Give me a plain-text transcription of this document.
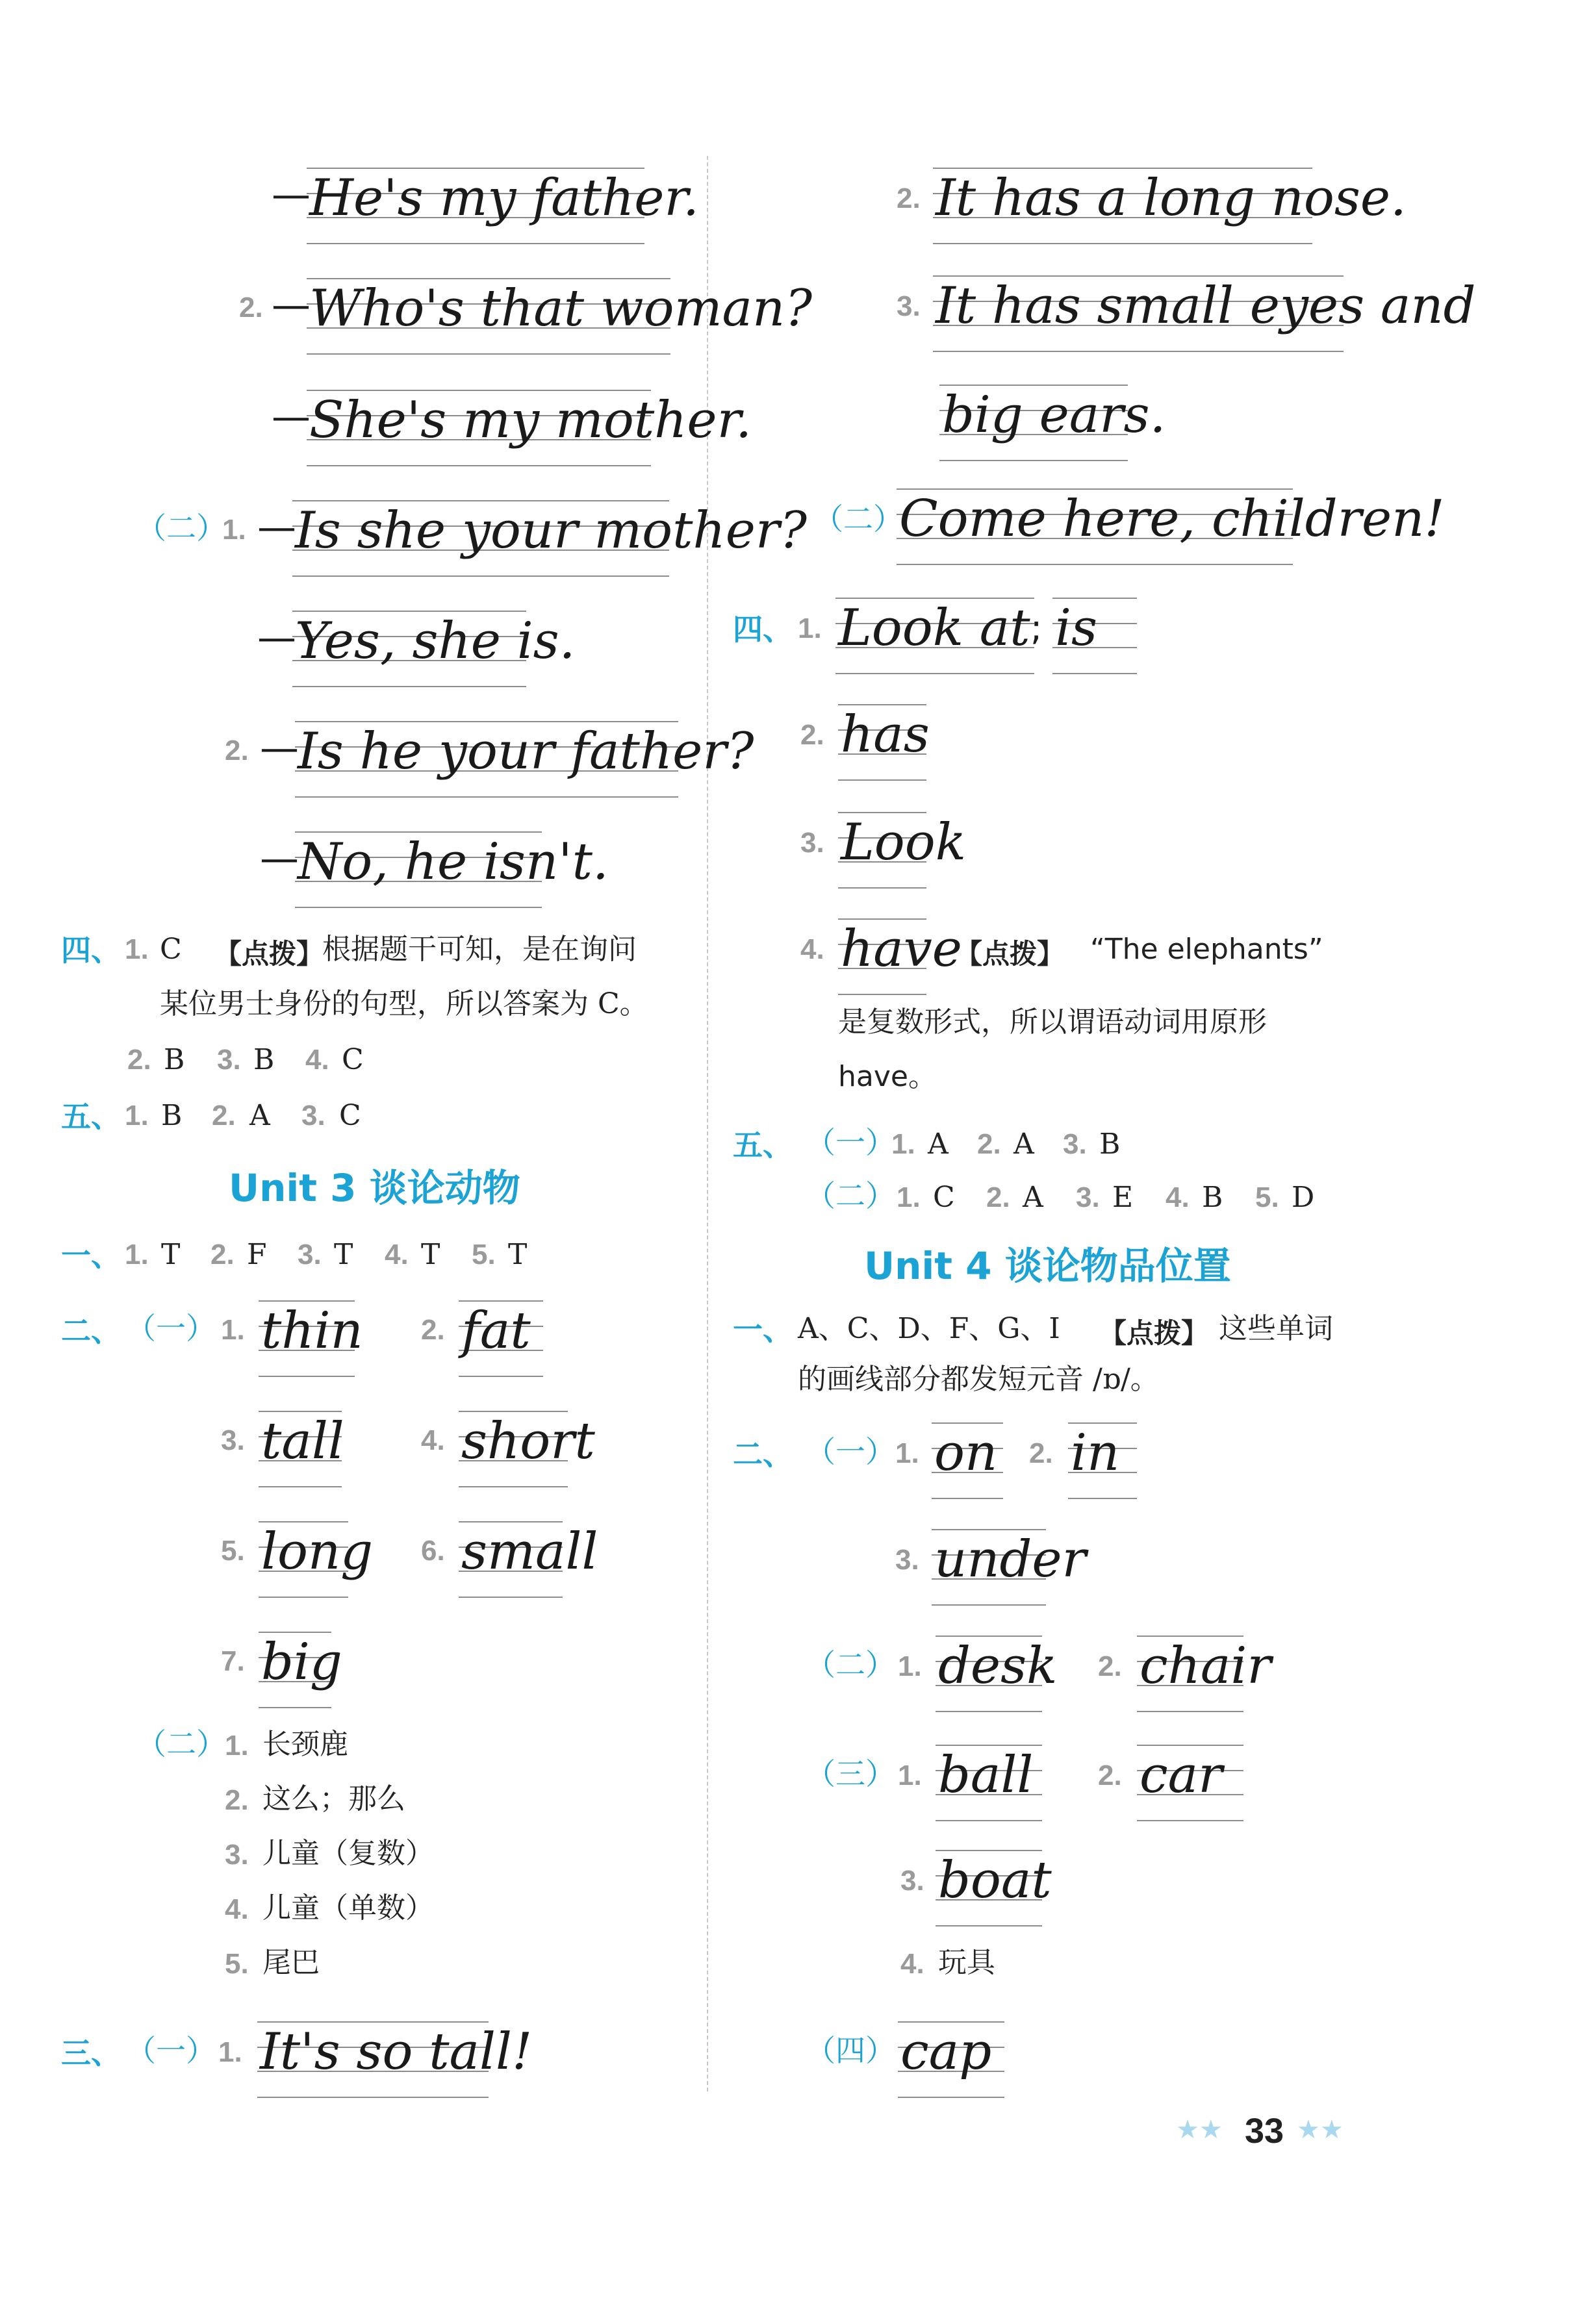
—
He's my father.
2. —
Who's that woman?
—
She's my mother.
（二）
1. —
Is she your mother?
—
Yes, she is.
2. —
Is he your father?
—
No, he isn't.
四、 1. C 【点拨】
根据题干可知，是在询问
某位男士身份的句型，所以答案为 C。
2. B 3. B 4. C
五、 1. B 2. A 3. C
Unit 3 谈论动物
一、 1. T 2. F 3. T 4. T 5. T
二、 （一） 1. thin 2. fat
3. tall	4. short
5. long 6. small
7. big
（二）
1. 长颈鹿
2. 这么；那么
3. 儿童（复数）
4. 儿童（单数）
5. 尾巴
三、 （一） 1. It's so tall!
2. It has a long nose.
3. It has small eyes and
big ears.
（二）
Come here, children!
四、 1. Look at ; is
2. has
3. Look
4. have
【点拨】 “The elephants”
是复数形式，所以谓语动词用原形
have。
五、 （一）
1. A 2. A 3. B
（二） 1. C 2. A 3. E 4. B 5. D
Unit 4 谈论物品位置
一、 A、C、D、F、G、I 【点拨】 这些单词
的画线部分都发短元音 /ɒ/。
二、 （一） 1. on 2. in
3. under
（二） 1. desk 2. chair
（三） 1. ball 2. car
3. boat
4. 玩具
（四） cap
★★ 33 ★★
